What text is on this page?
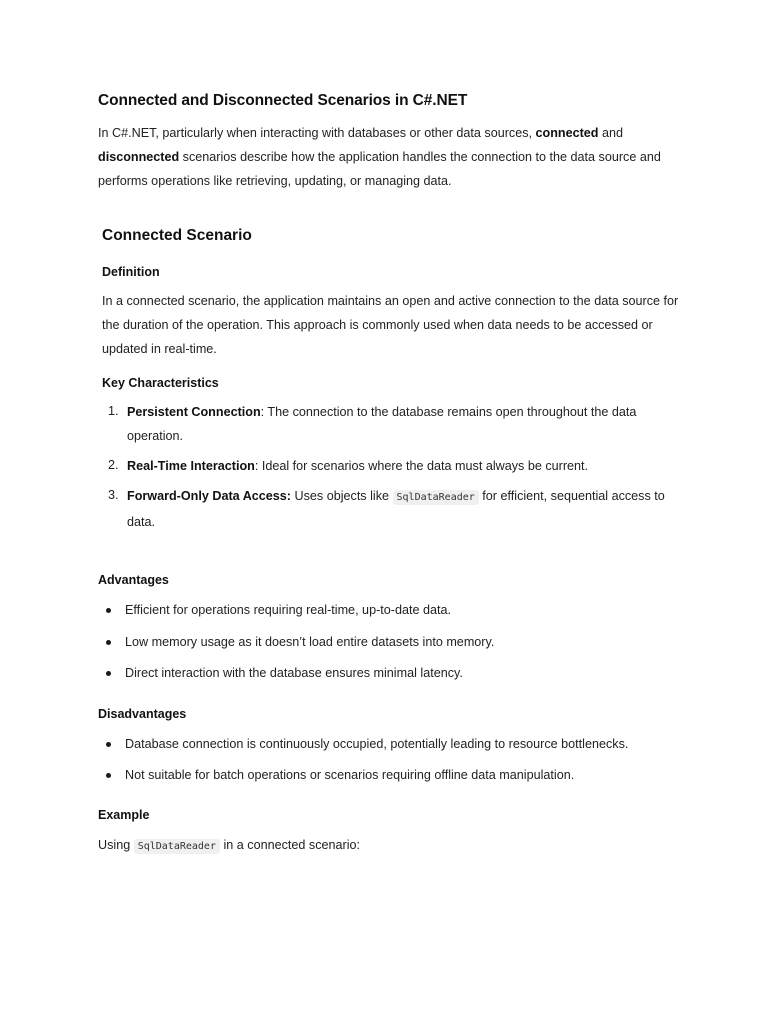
Connected and Disconnected Scenarios in C#.NET

In C#.NET, particularly when interacting with databases or other data sources, connected and disconnected scenarios describe how the application handles the connection to the data source and performs operations like retrieving, updating, or managing data.

Connected Scenario
Definition

In a connected scenario, the application maintains an open and active connection to the data source for the duration of the operation. This approach is commonly used when data needs to be accessed or updated in real-time.

Key Characteristics
1. Persistent Connection: The connection to the database remains open throughout the data operation.

2. Real-Time Interaction: Ideal for scenarios where the data must always be current.

3. Forward-Only Data Access: Uses objects like SqlDataReader for efficient, sequential access to data.

Advantages

Efficient for operations requiring real-time, up-to-date data.

Low memory usage as it doesn’t load entire datasets into memory.

Direct interaction with the database ensures minimal latency.

Disadvantages

Database connection is continuously occupied, potentially leading to resource bottlenecks.

Not suitable for batch operations or scenarios requiring offline data manipulation.

Example

Using SqlDataReader in a connected scenario:
